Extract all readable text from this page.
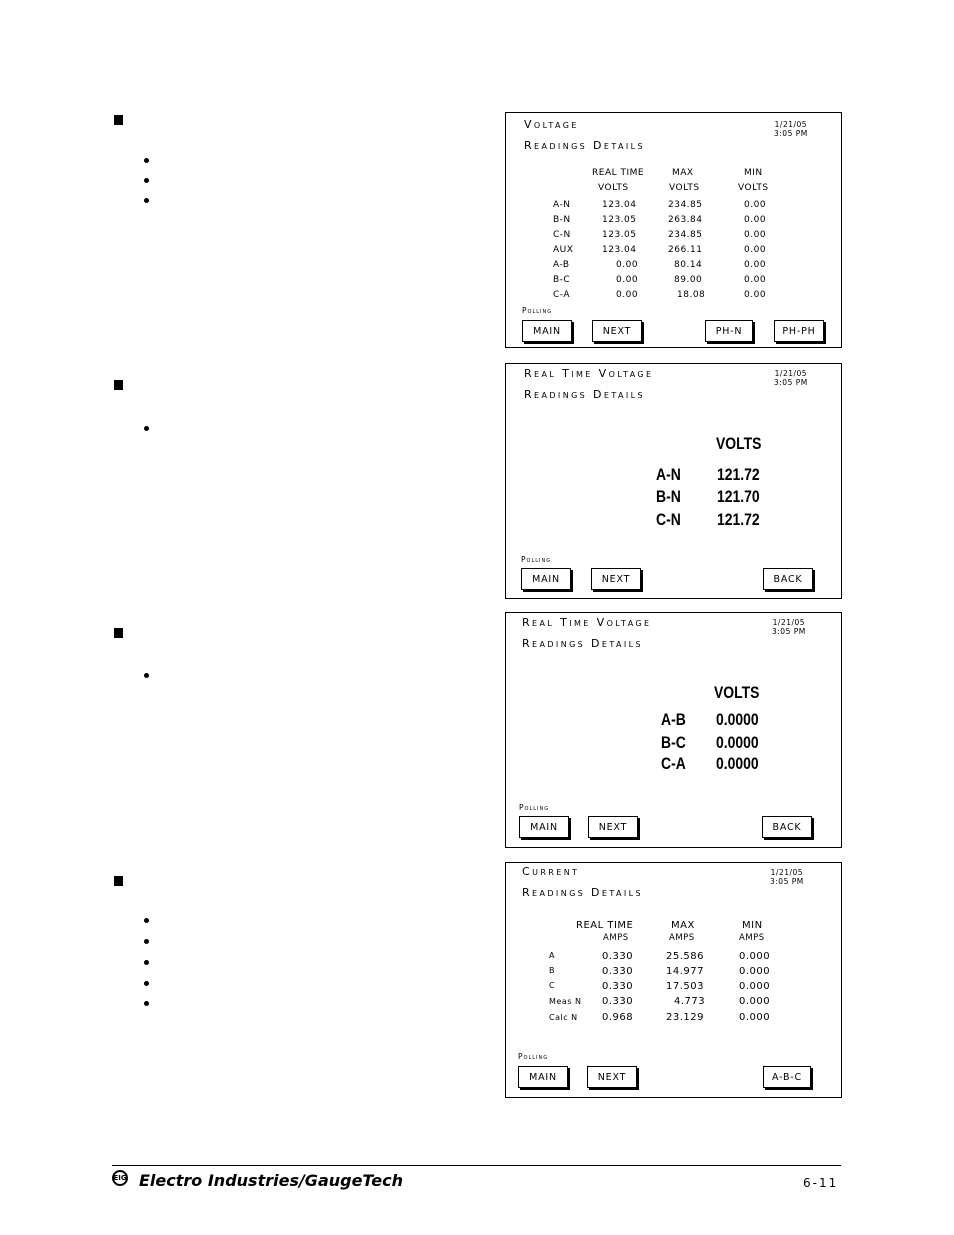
Voltage
Readings Details
1/21/05
3:05 PM
REAL TIME	MAX	MIN
VOLTS	VOLTS	VOLTS
A-N	123.04	234.85	0.00
B-N	123.05	263.84	0.00
C-N	123.05	234.85	0.00
AUX	123.04	266.11	0.00
A-B	0.00	80.14	0.00
B-C	0.00	89.00	0.00
C-A	0.00	18.08	0.00
Polling
MAIN	NEXT	PH-N	PH-PH
Real Time Voltage
Readings Details
1/21/05
3:05 PM
VOLTS
A-N 121.72
B-N 121.70
C-N 121.72
Polling
MAIN	NEXT	BACK
Real Time Voltage
Readings Details
1/21/05
3:05 PM
VOLTS
A-B 0.0000
B-C 0.0000
C-A 0.0000
Polling
MAIN	NEXT	BACK
Current
Readings Details
1/21/05
3:05 PM
REAL TIME	MAX	MIN
AMPS	AMPS	AMPS
A	0.330	25.586	0.000
B	0.330	14.977	0.000
C	0.330	17.503	0.000
Meas N 0.330	4.773	0.000
Calc N 0.968	23.129	0.000
Polling
MAIN	NEXT	A-B-C
EIG Electro Industries/GaugeTech	6-11
